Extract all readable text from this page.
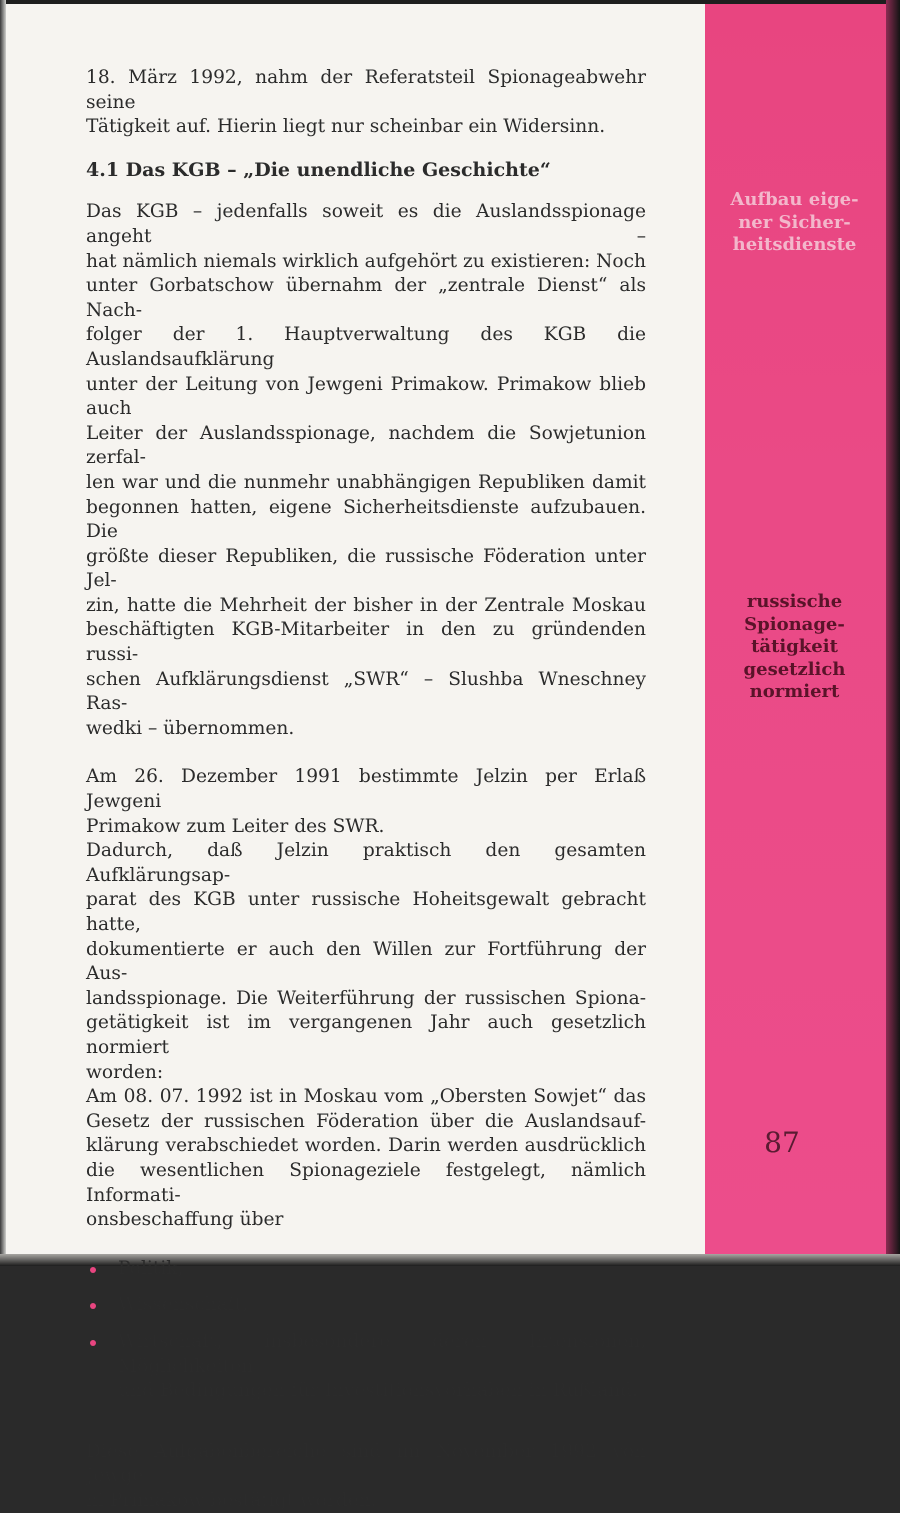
18. März 1992, nahm der Referatsteil Spionageabwehr seine

Tätigkeit auf. Hierin liegt nur scheinbar ein Widersinn.

4.1 Das KGB – „Die unendliche Geschichte“

Das KGB – jedenfalls soweit es die Auslandsspionage angeht –

hat nämlich niemals wirklich aufgehört zu existieren: Noch

unter Gorbatschow übernahm der „zentrale Dienst“ als Nach-

folger der 1. Hauptverwaltung des KGB die Auslandsaufklärung

unter der Leitung von Jewgeni Primakow. Primakow blieb auch

Leiter der Auslandsspionage, nachdem die Sowjetunion zerfal-

len war und die nunmehr unabhängigen Republiken damit

begonnen hatten, eigene Sicherheitsdienste aufzubauen. Die

größte dieser Republiken, die russische Föderation unter Jel-

zin, hatte die Mehrheit der bisher in der Zentrale Moskau

beschäftigten KGB-Mitarbeiter in den zu gründenden russi-

schen Aufklärungsdienst „SWR“ – Slushba Wneschney Ras-

wedki – übernommen.

Am 26. Dezember 1991 bestimmte Jelzin per Erlaß Jewgeni

Primakow zum Leiter des SWR.

Dadurch, daß Jelzin praktisch den gesamten Aufklärungsap-

parat des KGB unter russische Hoheitsgewalt gebracht hatte,

dokumentierte er auch den Willen zur Fortführung der Aus-

landsspionage. Die Weiterführung der russischen Spiona-

getätigkeit ist im vergangenen Jahr auch gesetzlich normiert

worden:

Am 08. 07. 1992 ist in Moskau vom „Obersten Sowjet“ das

Gesetz der russischen Föderation über die Auslandsauf-

klärung verabschiedet worden. Darin werden ausdrücklich

die wesentlichen Spionageziele festgelegt, nämlich Informati-

onsbeschaffung über

Politik,
Wissenschaft,

Wirtschaft, insbesondere deren Intensionen, Möglichkeiten

und Bedingungen für Investitionsvorhaben in Rußland.

Diese Aufgabenbereiche sind im November 1992 von Jewge-

ni Primakow bestätigt worden.

Aufbau eige-
ner Sicher-
heitsdienste
russische
Spionage-
tätigkeit
gesetzlich
normiert
87
